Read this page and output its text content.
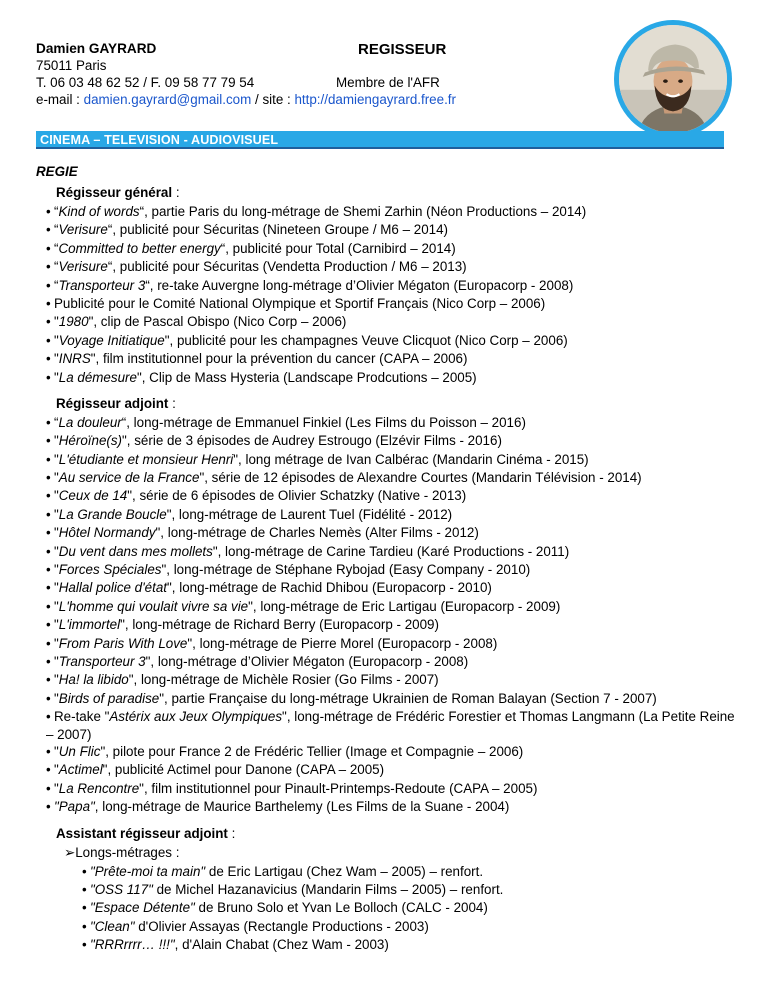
Damien GAYRARD	REGISSEUR
75011 Paris
Membre de l'AFR
T. 06 03 48 62 52 / F. 09 58 77 79 54
e-mail : damien.gayrard@gmail.com / site : http://damiengayrard.free.fr
CINEMA – TELEVISION - AUDIOVISUEL
REGIE
Régisseur général :
• “Kind of words“, partie Paris du long-métrage de Shemi Zarhin (Néon Productions – 2014)
• “Verisure“, publicité pour Sécuritas (Nineteen Groupe / M6 – 2014)
• “Committed to better energy“, publicité pour Total (Carnibird – 2014)
• “Verisure“, publicité pour Sécuritas (Vendetta Production / M6 – 2013)
• “Transporteur 3“, re-take Auvergne long-métrage d’Olivier Mégaton (Europacorp - 2008)
• Publicité pour le Comité National Olympique et Sportif Français (Nico Corp – 2006)
• "1980", clip de Pascal Obispo (Nico Corp – 2006)
• "Voyage Initiatique", publicité pour les champagnes Veuve Clicquot (Nico Corp – 2006)
• "INRS", film institutionnel pour la prévention du cancer (CAPA – 2006)
• "La démesure", Clip de Mass Hysteria (Landscape Prodcutions – 2005)
Régisseur adjoint :
• “La douleur“, long-métrage de Emmanuel Finkiel (Les Films du Poisson – 2016)
• "Héroïne(s)", série de 3 épisodes de Audrey Estrougo (Elzévir Films - 2016)
• "L'étudiante et monsieur Henri", long métrage de Ivan Calbérac (Mandarin Cinéma - 2015)
• "Au service de la France", série de 12 épisodes de Alexandre Courtes (Mandarin Télévision - 2014)
• "Ceux de 14", série de 6 épisodes de Olivier Schatzky (Native - 2013)
• "La Grande Boucle", long-métrage de Laurent Tuel (Fidélité - 2012)
• "Hôtel Normandy", long-métrage de Charles Nemès (Alter Films - 2012)
• "Du vent dans mes mollets", long-métrage de Carine Tardieu (Karé Productions - 2011)
• "Forces Spéciales", long-métrage de Stéphane Rybojad (Easy Company - 2010)
• "Hallal police d'état", long-métrage de Rachid Dhibou (Europacorp - 2010)
• "L'homme qui voulait vivre sa vie", long-métrage de Eric Lartigau (Europacorp - 2009)
• "L'immortel", long-métrage de Richard Berry (Europacorp - 2009)
• "From Paris With Love", long-métrage de Pierre Morel (Europacorp - 2008)
• "Transporteur 3", long-métrage d’Olivier Mégaton (Europacorp - 2008)
• "Ha! la libido", long-métrage de Michèle Rosier (Go Films - 2007)
• "Birds of paradise", partie Française du long-métrage Ukrainien de Roman Balayan (Section 7 - 2007)
• Re-take "Astérix aux Jeux Olympiques", long-métrage de Frédéric Forestier et Thomas Langmann (La Petite Reine – 2007)
• "Un Flic", pilote pour France 2 de Frédéric Tellier (Image et Compagnie – 2006)
• "Actimel", publicité Actimel pour Danone (CAPA – 2005)
• "La Rencontre", film institutionnel pour Pinault-Printemps-Redoute (CAPA – 2005)
• "Papa", long-métrage de Maurice Barthelemy (Les Films de la Suane - 2004)
Assistant régisseur adjoint :
➢Longs-métrages :
• "Prête-moi ta main" de Eric Lartigau (Chez Wam – 2005) – renfort.
• "OSS 117" de Michel Hazanavicius (Mandarin Films – 2005) – renfort.
• "Espace Détente" de Bruno Solo et Yvan Le Bolloch (CALC - 2004)
• "Clean" d'Olivier Assayas (Rectangle Productions - 2003)
• "RRRrrrr… !!!", d'Alain Chabat (Chez Wam - 2003)
